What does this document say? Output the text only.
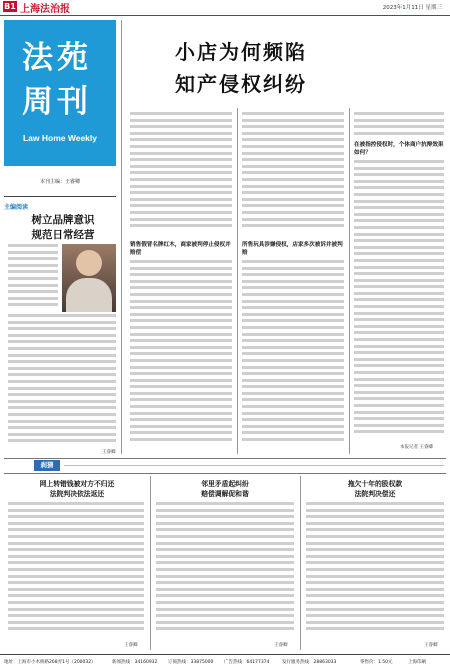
B1 上海法治报	2023年1月11日 星期三
法苑
周刊
Law Home Weekly
本刊主编：王睿卿
主编阅读
树立品牌意识
规范日常经营
王睿卿
小店为何频陷
知产侵权纠纷
销售假冒名牌红木，商家被判停止侵权并赔偿
所售玩具涉嫌侵权，店家多次被诉并被判赔
在被指控侵权时，个体商户抗辩效果如何？
本报记者 王睿卿
刹猜
网上转错钱被对方不归还
法院判决依法返还
王睿卿
邻里矛盾起纠纷
赔偿调解促和谐
王睿卿
拖欠十年的股权款
法院判决偿还
王睿卿
地址：上海市小木桥路268弄1号（200032）	新闻热线：34160932 订阅热线：33875000 广告热线：64177374	发行服务热线：28863033	零售价：1.50元	上海印刷
